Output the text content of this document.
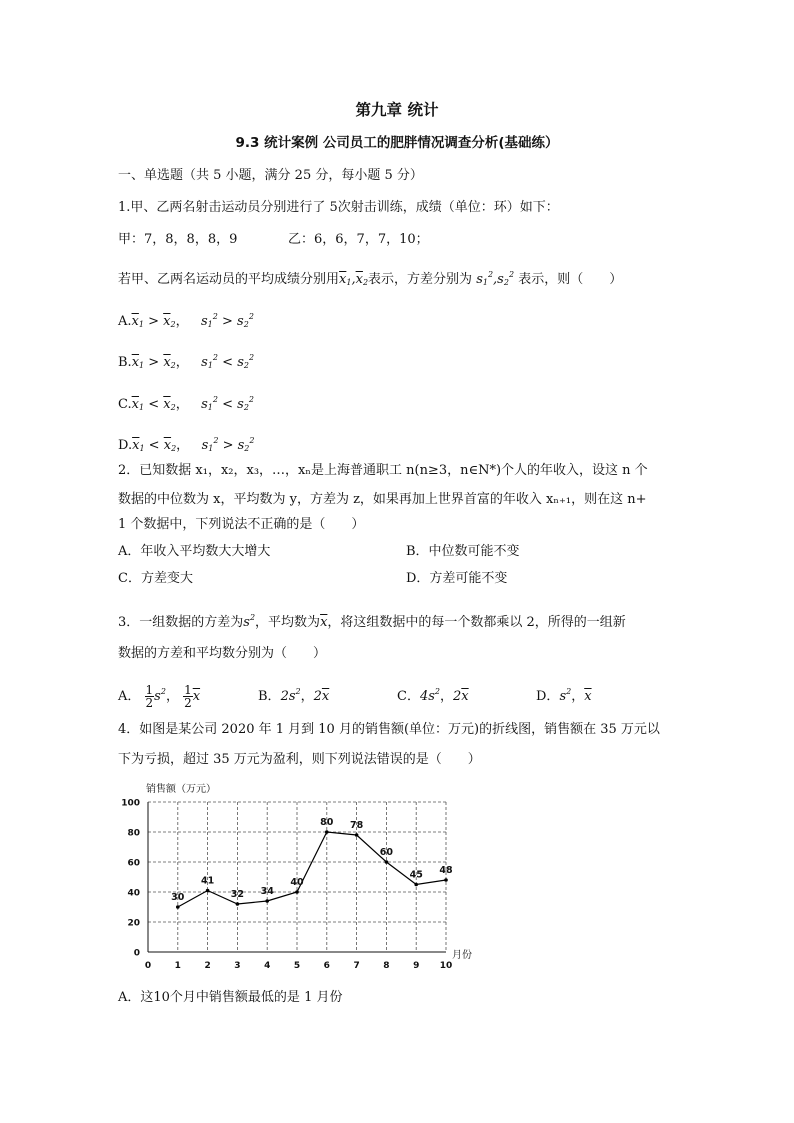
第九章 统计
9.3 统计案例 公司员工的肥胖情况调查分析(基础练）
一、单选题（共 5 小题，满分 25 分，每小题 5 分）
1.甲、乙两名射击运动员分别进行了 5次射击训练，成绩（单位：环）如下：
甲：7，8，8，8，9	乙：6，6，7，7，10；
若甲、乙两名运动员的平均成绩分别用$\overline{x}_1,\overline{x}_2$表示，方差分别为 $s_1^2,s_2^2$ 表示，则（　　）
$A.\overline{x}_1 > \overline{x}_2$，   $s_1^2 > s_2^2$
$B.\overline{x}_1 > \overline{x}_2$，   $s_1^2 < s_2^2$
$C.\overline{x}_1 < \overline{x}_2$，   $s_1^2 < s_2^2$
$D.\overline{x}_1 < \overline{x}_2$，   $s_1^2 > s_2^2$
2．已知数据 x₁，x₂，x₃，…，xₙ是上海普通职工 n(n≥3，n∈N*)个人的年收入，设这 n 个
数据的中位数为 x，平均数为 y，方差为 z，如果再加上世界首富的年收入 xₙ₊₁，则在这 n+
1 个数据中，下列说法不正确的是（　　）
A．年收入平均数大大增大	B．中位数可能不变
C．方差变大	D．方差可能不变
3．一组数据的方差为$s^2$，平均数为$\overline{x}$，将这组数据中的每一个数都乘以 2，所得的一组新
数据的方差和平均数分别为（　　）
A． $\frac{1}{2} s^2$， $\frac{1}{2} \overline{x}$	B．$2s^2$，$2\overline{x}$	C．$4s^2$，$2\overline{x}$	D．$s^2$，$\overline{x}$
4．如图是某公司 2020 年 1 月到 10 月的销售额(单位：万元)的折线图，销售额在 35 万元以
下为亏损，超过 35 万元为盈利，则下列说法错误的是（　　）
0
20
40
60
80
100
0	1	2	3	4	5	6	7	8	9 10
30
41
32 34
40
80 78
60
45 48
销售额（万元）
月份
A．这10个月中销售额最低的是 1 月份
